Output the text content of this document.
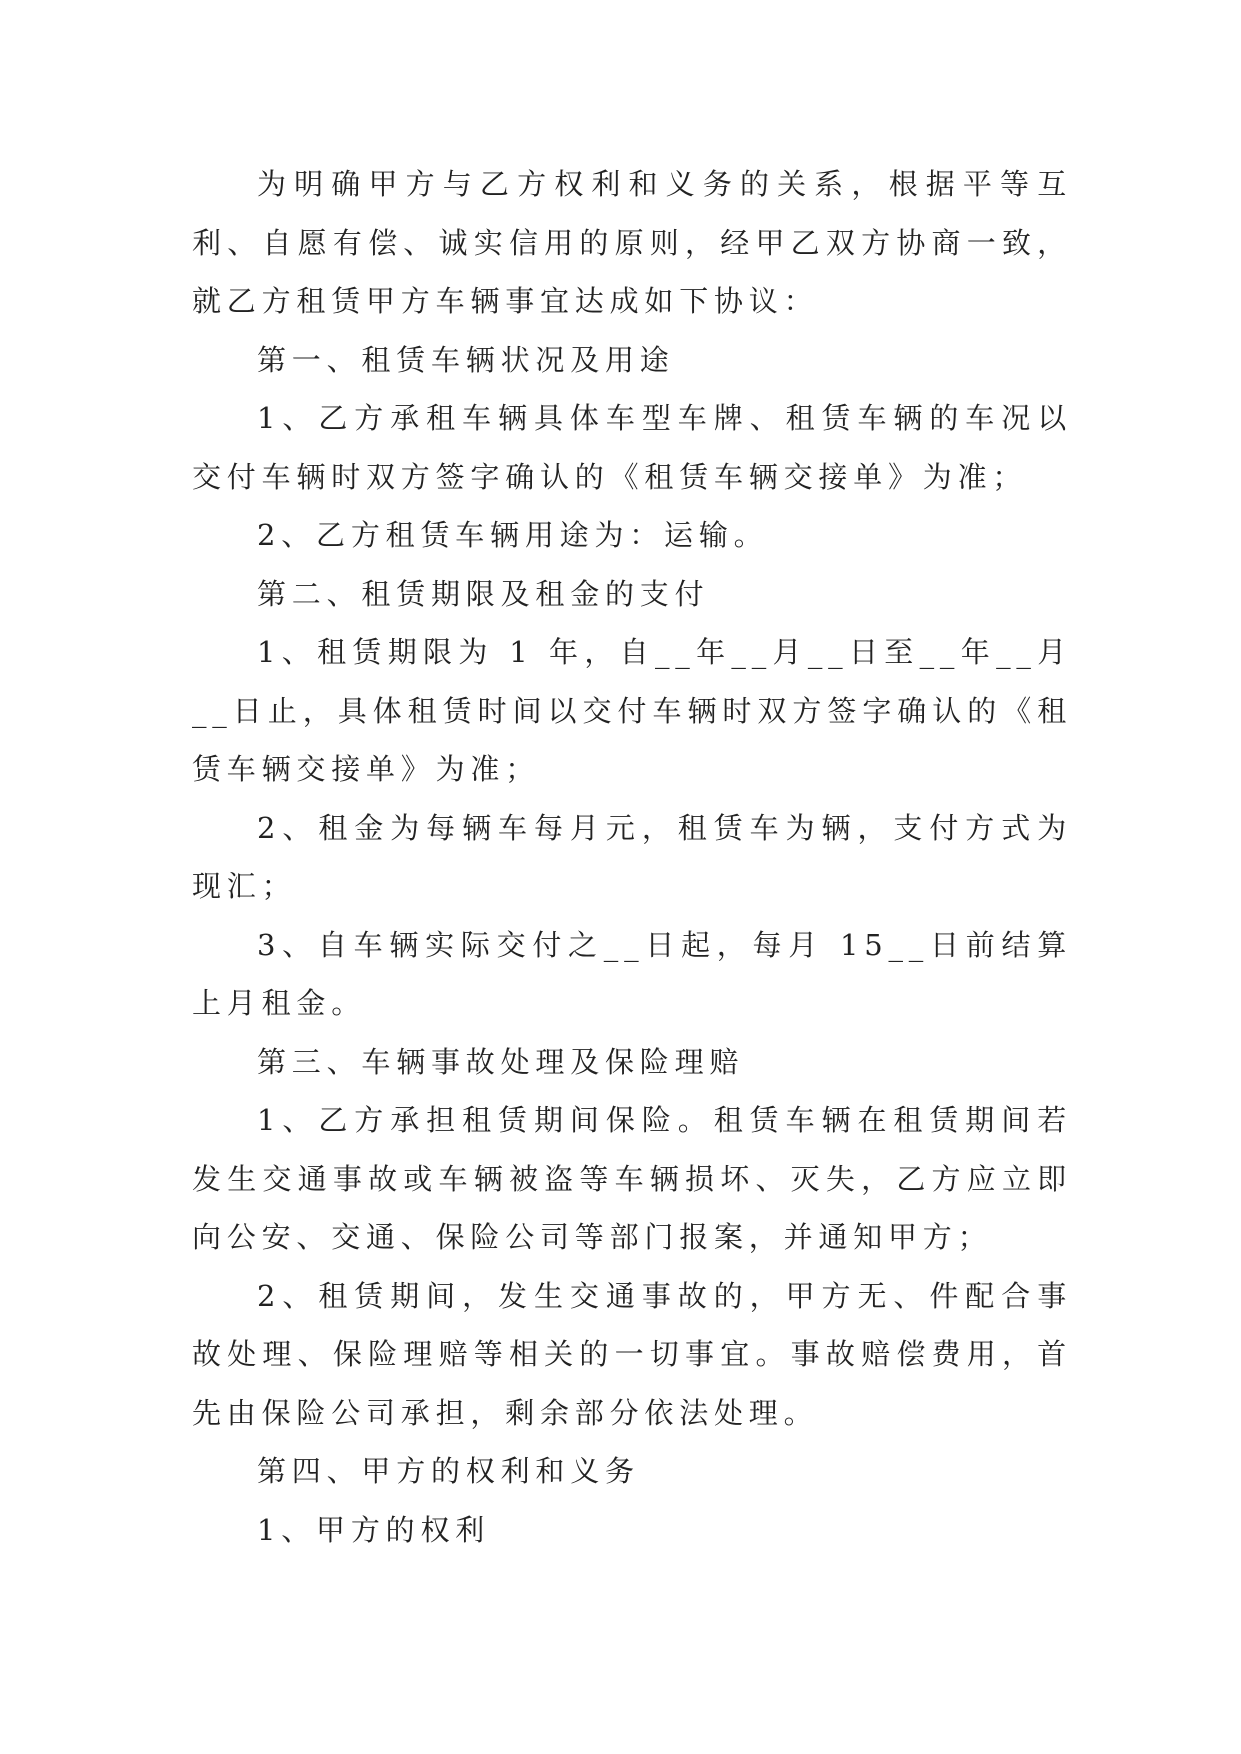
为明确甲方与乙方权利和义务的关系，根据平等互利、自愿有偿、诚实信用的原则，经甲乙双方协商一致，就乙方租赁甲方车辆事宜达成如下协议：

第一、租赁车辆状况及用途

1、乙方承租车辆具体车型车牌、租赁车辆的车况以交付车辆时双方签字确认的《租赁车辆交接单》为准；

2、乙方租赁车辆用途为：运输。

第二、租赁期限及租金的支付

1、租赁期限为 1 年，自__年__月__日至__年__月__日止，具体租赁时间以交付车辆时双方签字确认的《租赁车辆交接单》为准；

2、租金为每辆车每月元，租赁车为辆，支付方式为现汇；

3、自车辆实际交付之__日起，每月 15__日前结算上月租金。

第三、车辆事故处理及保险理赔

1、乙方承担租赁期间保险。租赁车辆在租赁期间若发生交通事故或车辆被盗等车辆损坏、灭失，乙方应立即向公安、交通、保险公司等部门报案，并通知甲方；

2、租赁期间，发生交通事故的，甲方无、件配合事故处理、保险理赔等相关的一切事宜。事故赔偿费用，首先由保险公司承担，剩余部分依法处理。

第四、甲方的权利和义务

1、甲方的权利
